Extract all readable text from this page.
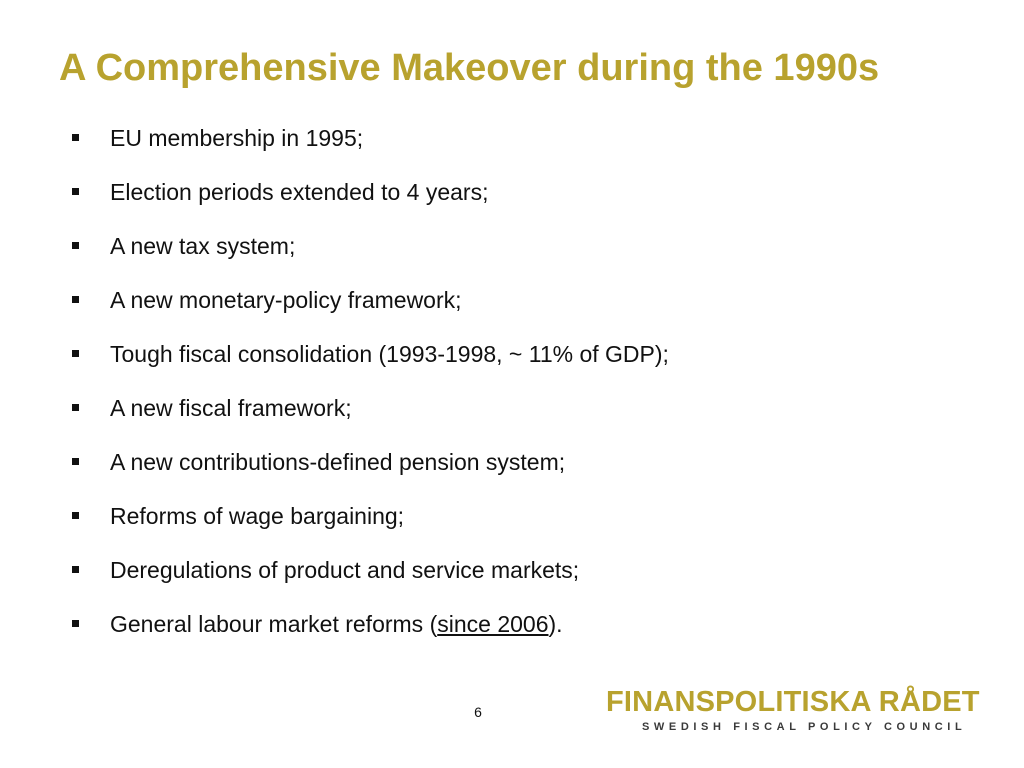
A Comprehensive Makeover during the 1990s
EU membership in 1995;
Election periods extended to 4 years;
A new tax system;
A new monetary-policy framework;
Tough fiscal consolidation (1993-1998, ~ 11% of GDP);
A new fiscal framework;
A new contributions-defined pension system;
Reforms of wage bargaining;
Deregulations of product and service markets;
General labour market reforms (since 2006).
6	FINANSPOLITISKA RÅDET
SWEDISH FISCAL POLICY COUNCIL
